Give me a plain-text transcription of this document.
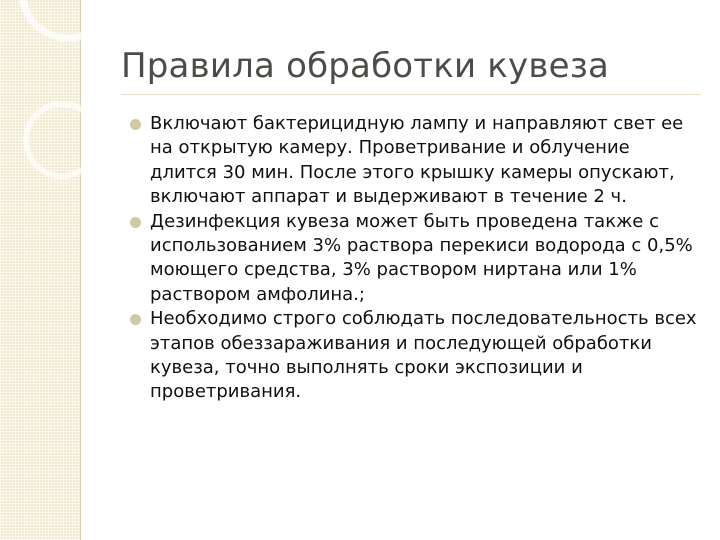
Правила обработки кувеза
Включают бактерицидную лампу и направляют свет ее на открытую камеру. Проветривание и облучение длится 30 мин. После этого крышку камеры опускают, включают аппарат и выдерживают в течение 2 ч.
Дезинфекция кувеза может быть проведена также с использованием 3% раствора перекиси водорода с 0,5% моющего средства, 3% раствором ниртана или 1% раствором амфолина.;
Необходимо строго соблюдать последовательность всех этапов обеззараживания и последующей обработки кувеза, точно выполнять сроки экспозиции и проветривания.
